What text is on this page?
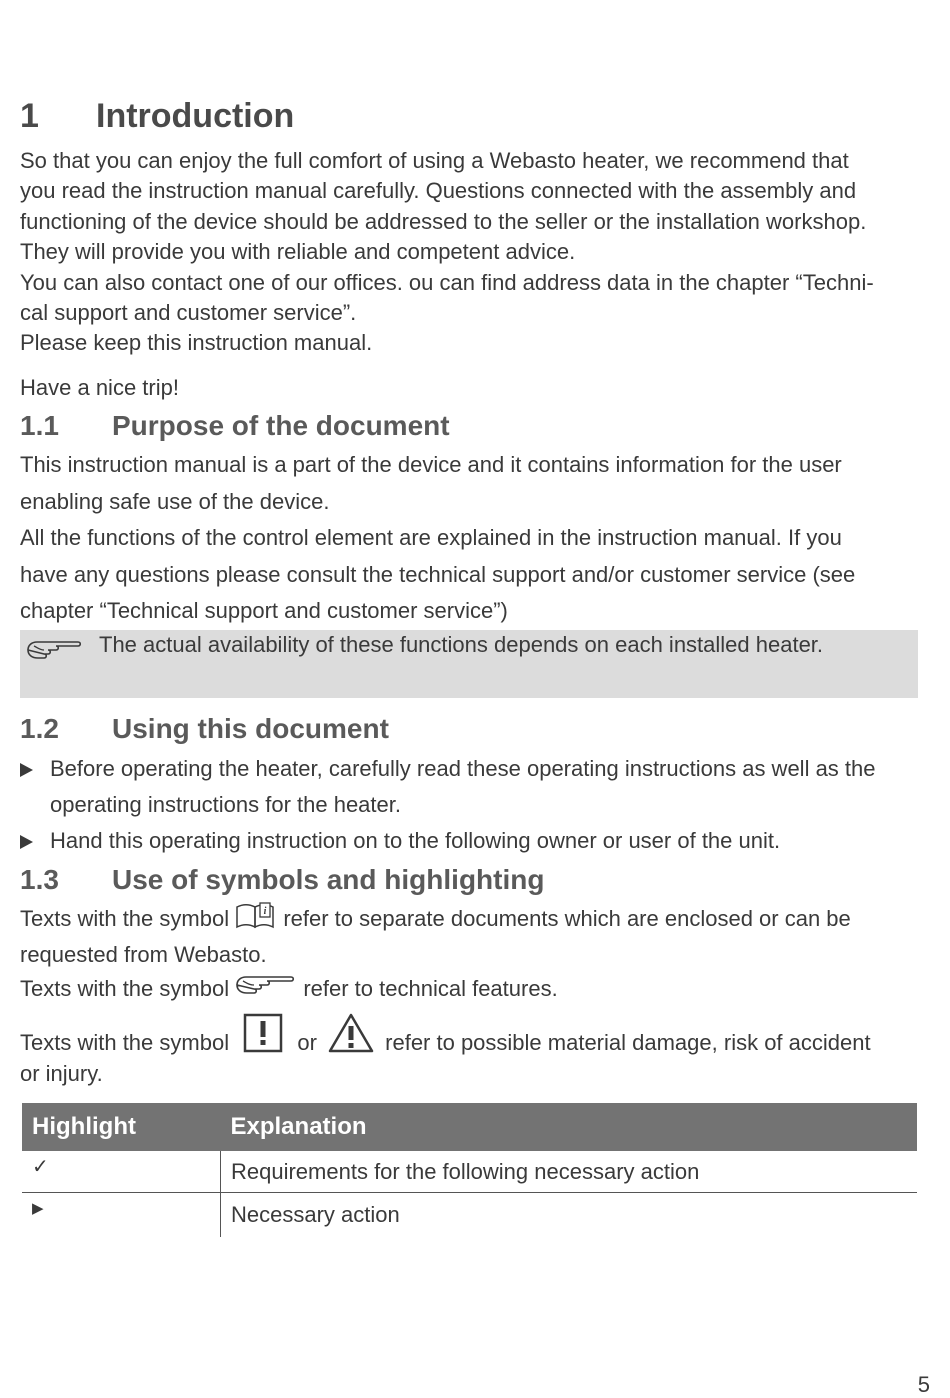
1 Introduction
So that you can enjoy the full comfort of using a Webasto heater, we recommend that
you read the instruction manual carefully. Questions connected with the assembly and
functioning of the device should be addressed to the seller or the installation workshop.
They will provide you with reliable and competent advice.
You can also contact one of our offices. ou can find address data in the chapter “Techni-
cal support and customer service”.
Please keep this instruction manual.
Have a nice trip!
1.1 Purpose of the document
This instruction manual is a part of the device and it contains information for the user
enabling safe use of the device.
All the functions of the control element are explained in the instruction manual. If you
have any questions please consult the technical support and/or customer service (see
chapter “Technical support and customer service”)
The actual availability of these functions depends on each installed heater.
1.2 Using this document
Before operating the heater, carefully read these operating instructions as well as the
operating instructions for the heater.
Hand this operating instruction on to the following owner or user of the unit.
1.3 Use of symbols and highlighting
Texts with the symbol	i refer to separate documents which are enclosed or can be
requested from Webasto.
Texts with the symbol	refer to technical features.
Texts with the symbol	or	refer to possible material damage, risk of accident
or injury.
Highlight	Explanation
✓	Requirements for the following necessary action
▶	Necessary action
5
